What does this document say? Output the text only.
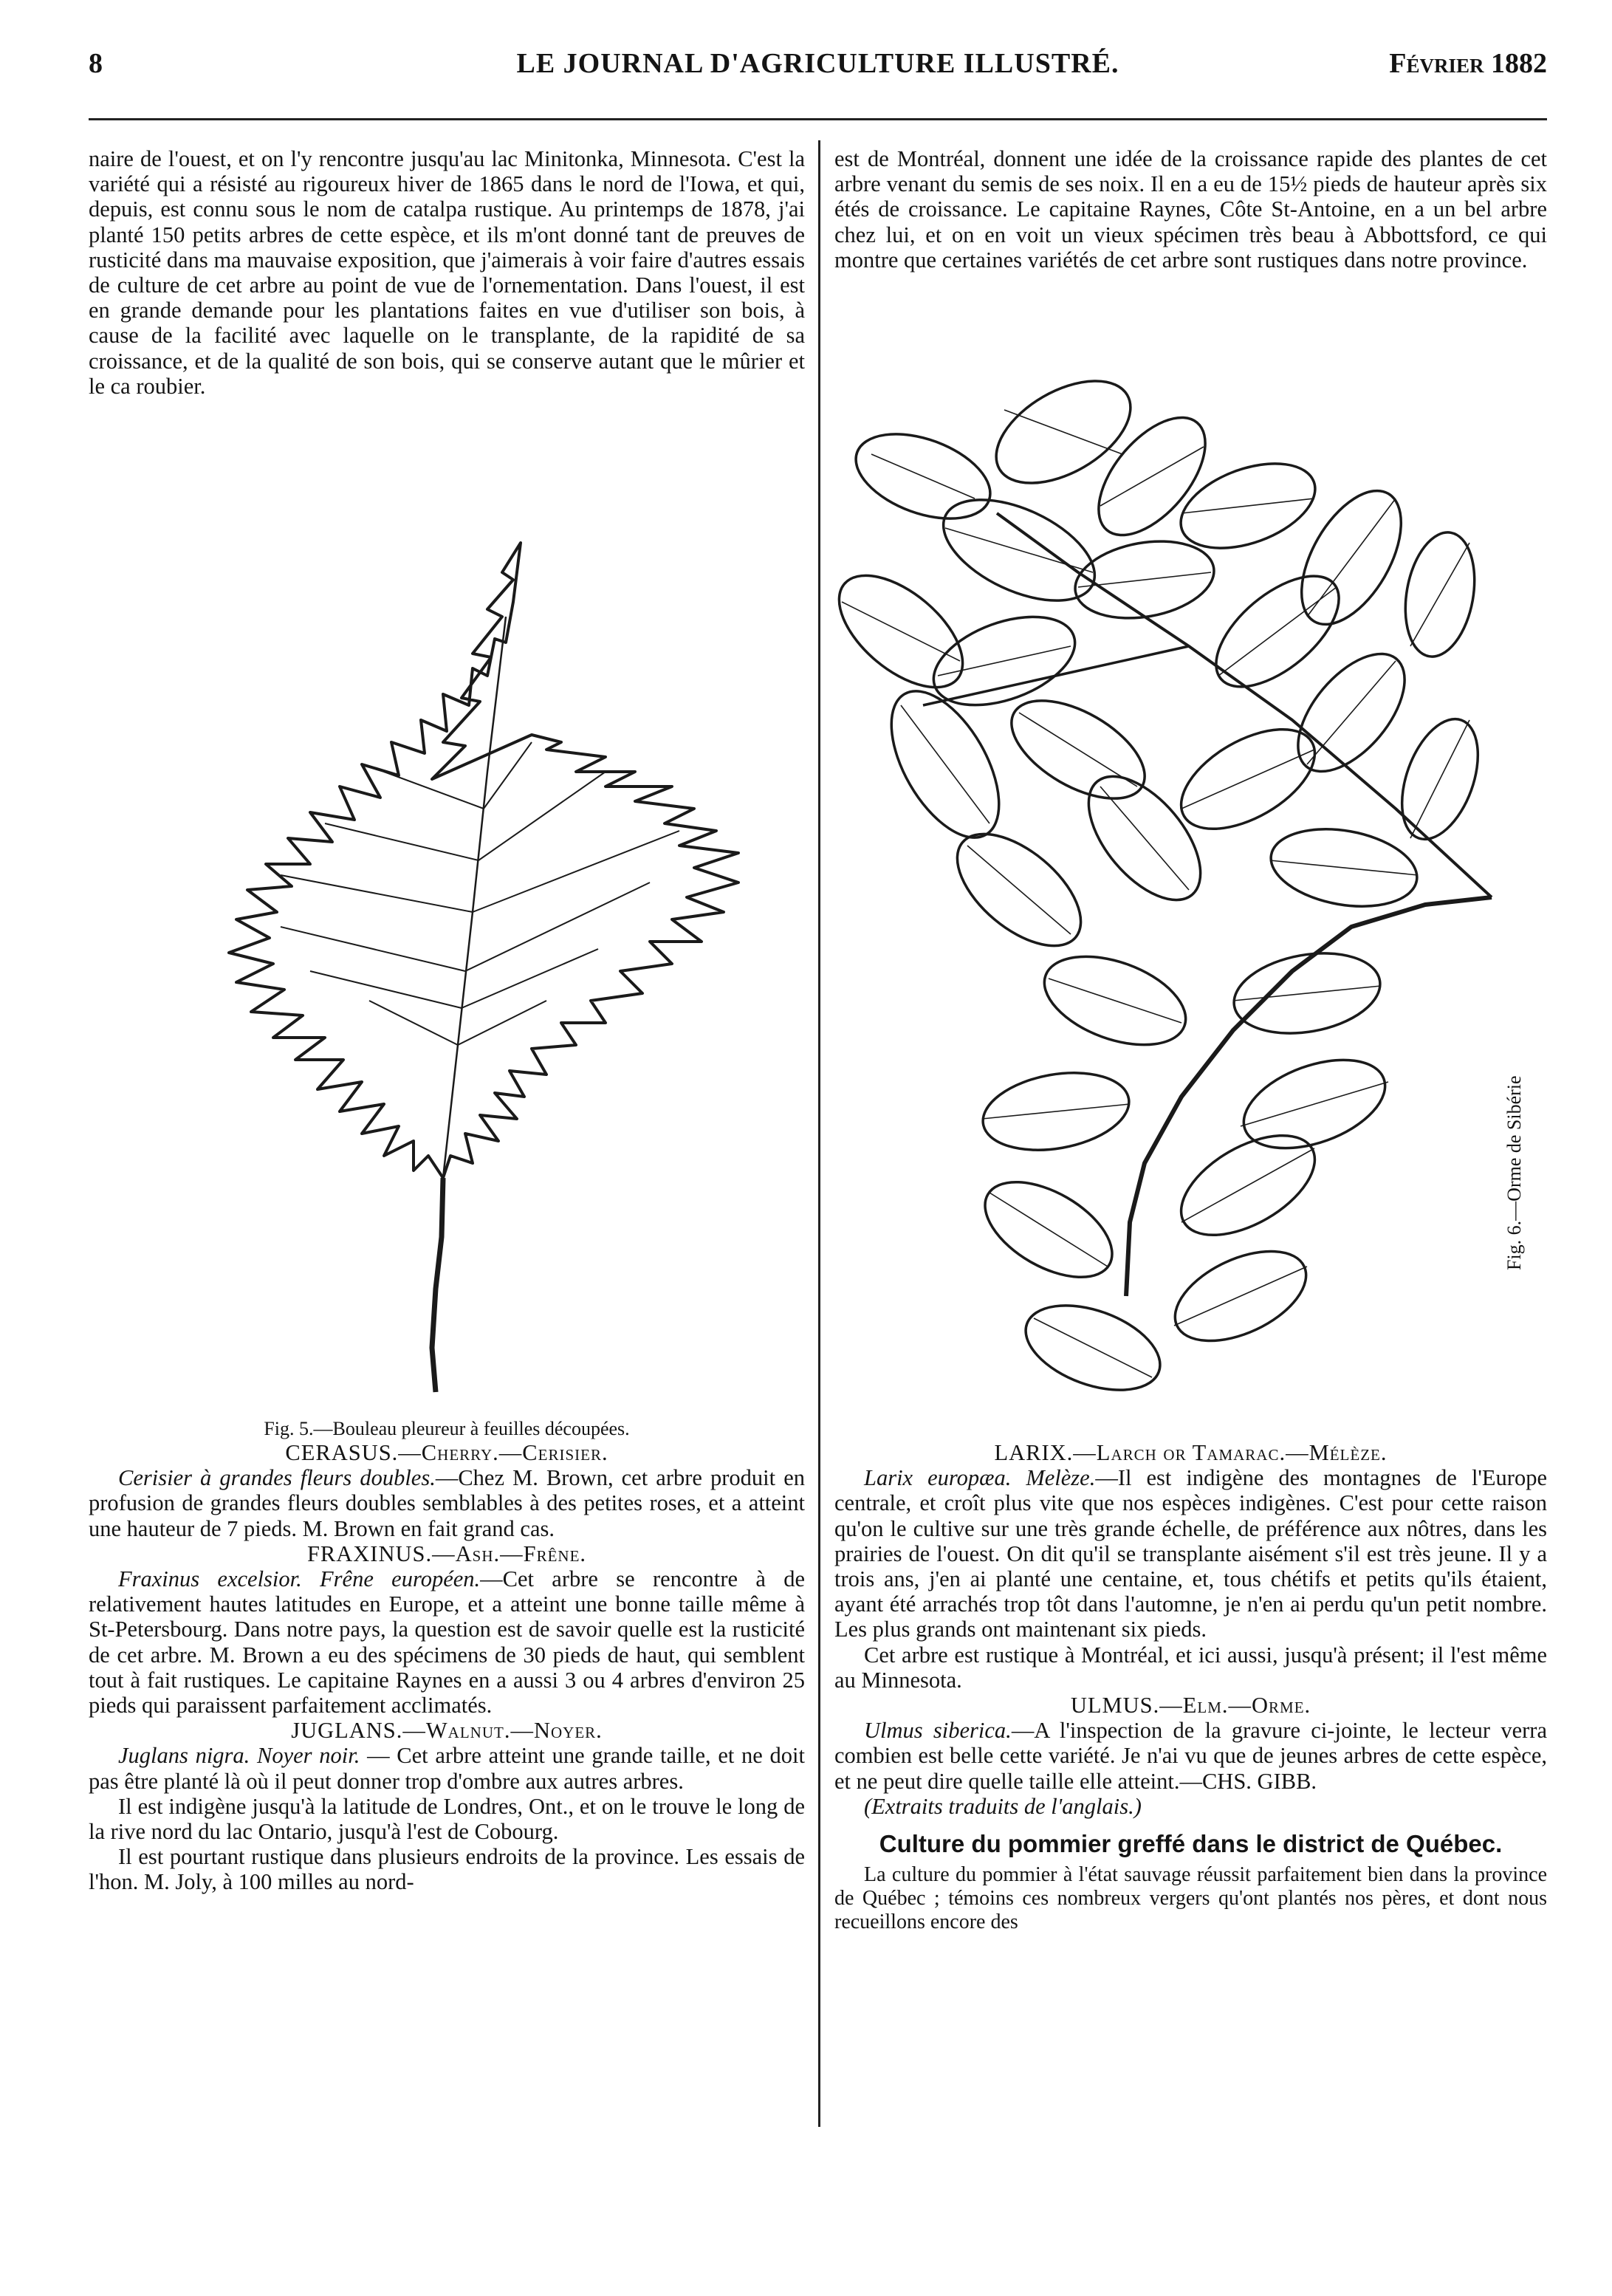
8	LE JOURNAL D'AGRICULTURE ILLUSTRÉ.	Février 1882

naire de l'ouest, et on l'y rencontre jusqu'au lac Minitonka, Minnesota. C'est la variété qui a résisté au rigoureux hiver de 1865 dans le nord de l'Iowa, et qui, depuis, est connu sous le nom de catalpa rustique. Au printemps de 1878, j'ai planté 150 petits arbres de cette espèce, et ils m'ont donné tant de preuves de rusticité dans ma mauvaise exposition, que j'aimerais à voir faire d'autres essais de culture de cet arbre au point de vue de l'ornementation. Dans l'ouest, il est en grande demande pour les plantations faites en vue d'utiliser son bois, à cause de la facilité avec laquelle on le transplante, de la rapidité de sa croissance, et de la qualité de son bois, qui se conserve autant que le mûrier et le ca roubier.

Fig. 5.—Bouleau pleureur à feuilles découpées.

CERASUS.—Cherry.—Cerisier.

Cerisier à grandes fleurs doubles.—Chez M. Brown, cet arbre produit en profusion de grandes fleurs doubles semblables à des petites roses, et a atteint une hauteur de 7 pieds. M. Brown en fait grand cas.

FRAXINUS.—Ash.—Frêne.

Fraxinus excelsior. Frêne européen.—Cet arbre se rencontre à de relativement hautes latitudes en Europe, et a atteint une bonne taille même à St-Petersbourg. Dans notre pays, la question est de savoir quelle est la rusticité de cet arbre. M. Brown a eu des spécimens de 30 pieds de haut, qui semblent tout à fait rustiques. Le capitaine Raynes en a aussi 3 ou 4 arbres d'environ 25 pieds qui paraissent parfaitement acclimatés.

JUGLANS.—Walnut.—Noyer.

Juglans nigra. Noyer noir. — Cet arbre atteint une grande taille, et ne doit pas être planté là où il peut donner trop d'ombre aux autres arbres.

Il est indigène jusqu'à la latitude de Londres, Ont., et on le trouve le long de la rive nord du lac Ontario, jusqu'à l'est de Cobourg.

Il est pourtant rustique dans plusieurs endroits de la province. Les essais de l'hon. M. Joly, à 100 milles au nord-

est de Montréal, donnent une idée de la croissance rapide des plantes de cet arbre venant du semis de ses noix. Il en a eu de 15½ pieds de hauteur après six étés de croissance. Le capitaine Raynes, Côte St-Antoine, en a un bel arbre chez lui, et on en voit un vieux spécimen très beau à Abbottsford, ce qui montre que certaines variétés de cet arbre sont rustiques dans notre province.

Fig. 6.—Orme de Sibérie

LARIX.—Larch or Tamarac.—Mélèze.

Larix europæa. Melèze.—Il est indigène des montagnes de l'Europe centrale, et croît plus vite que nos espèces indigènes. C'est pour cette raison qu'on le cultive sur une très grande échelle, de préférence aux nôtres, dans les prairies de l'ouest. On dit qu'il se transplante aisément s'il est très jeune. Il y a trois ans, j'en ai planté une centaine, et, tous chétifs et petits qu'ils étaient, ayant été arrachés trop tôt dans l'automne, je n'en ai perdu qu'un petit nombre. Les plus grands ont maintenant six pieds.

Cet arbre est rustique à Montréal, et ici aussi, jusqu'à présent; il l'est même au Minnesota.

ULMUS.—Elm.—Orme.

Ulmus siberica.—A l'inspection de la gravure ci-jointe, le lecteur verra combien est belle cette variété. Je n'ai vu que de jeunes arbres de cette espèce, et ne peut dire quelle taille elle atteint.—CHS. GIBB.

(Extraits traduits de l'anglais.)

Culture du pommier greffé dans le district de Québec.

La culture du pommier à l'état sauvage réussit parfaitement bien dans la province de Québec ; témoins ces nombreux vergers qu'ont plantés nos pères, et dont nous recueillons encore des
